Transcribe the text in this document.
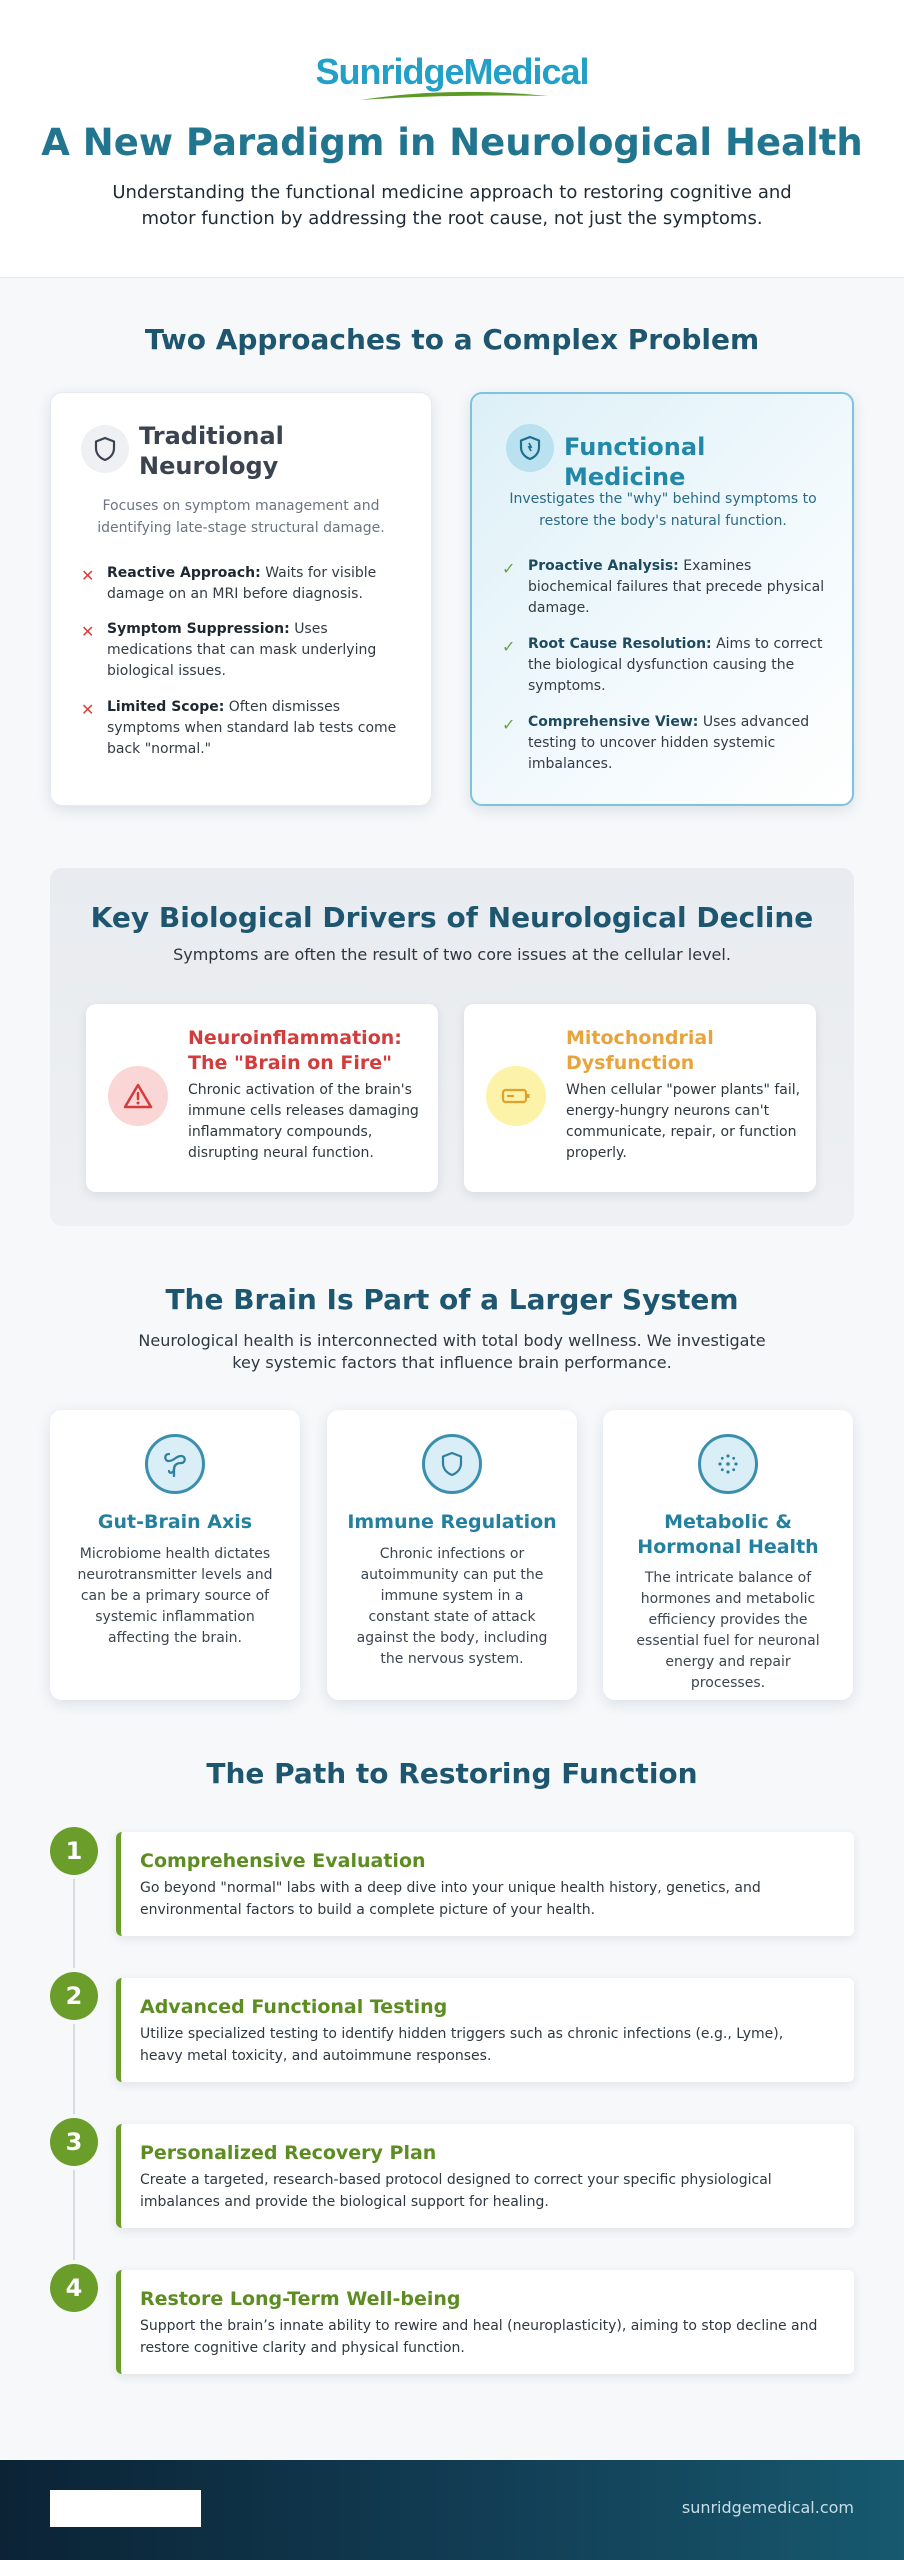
SunridgeMedical
A New Paradigm in Neurological Health

Understanding the functional medicine approach to restoring cognitive and motor function by addressing the root cause, not just the symptoms.

Two Approaches to a Complex Problem
Traditional Neurology
Focuses on symptom management and identifying late-stage structural damage.
✕ Reactive Approach: Waits for visible damage on an MRI before diagnosis.
✕ Symptom Suppression: Uses medications that can mask underlying biological issues.
✕ Limited Scope: Often dismisses symptoms when standard lab tests come back "normal."
Functional Medicine
Investigates the "why" behind symptoms to restore the body's natural function.
✓ Proactive Analysis: Examines biochemical failures that precede physical damage.
✓ Root Cause Resolution: Aims to correct the biological dysfunction causing the symptoms.
✓ Comprehensive View: Uses advanced testing to uncover hidden systemic imbalances.
Key Biological Drivers of Neurological Decline

Symptoms are often the result of two core issues at the cellular level.

Neuroinflammation: The "Brain on Fire"
Chronic activation of the brain's immune cells releases damaging inflammatory compounds, disrupting neural function.
Mitochondrial Dysfunction
When cellular "power plants" fail, energy-hungry neurons can't communicate, repair, or function properly.
The Brain Is Part of a Larger System

Neurological health is interconnected with total body wellness. We investigate key systemic factors that influence brain performance.

Gut-Brain Axis
Microbiome health dictates neurotransmitter levels and can be a primary source of systemic inflammation affecting the brain.
Immune Regulation
Chronic infections or autoimmunity can put the immune system in a constant state of attack against the body, including the nervous system.
Metabolic & Hormonal Health
The intricate balance of hormones and metabolic efficiency provides the essential fuel for neuronal energy and repair processes.
The Path to Restoring Function
1	Comprehensive Evaluation
Go beyond "normal" labs with a deep dive into your unique health history, genetics, and environmental factors to build a complete picture of your health.
2	Advanced Functional Testing
Utilize specialized testing to identify hidden triggers such as chronic infections (e.g., Lyme), heavy metal toxicity, and autoimmune responses.
3	Personalized Recovery Plan
Create a targeted, research-based protocol designed to correct your specific physiological imbalances and provide the biological support for healing.
4	Restore Long-Term Well-being
Support the brain’s innate ability to rewire and heal (neuroplasticity), aiming to stop decline and restore cognitive clarity and physical function.
sunridgemedical.com
